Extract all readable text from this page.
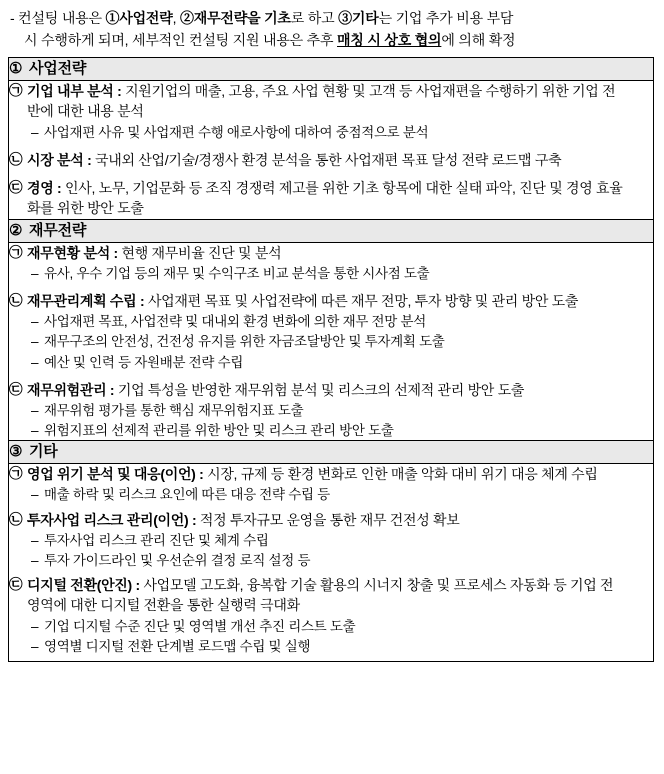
- 컨설팅 내용은 ①사업전략, ②재무전략을 기초로 하고 ③기타는 기업 추가 비용 부담
시 수행하게 되며, 세부적인 컨설팅 지원 내용은 추후 매칭 시 상호 협의에 의해 확정
① 사업전략

㉠ 기업 내부 분석 : 지원기업의 매출, 고용, 주요 사업 현황 및 고객 등 사업재편을 수행하기 위한 기업 전반에 대한 내용 분석
– 사업재편 사유 및 사업재편 수행 애로사항에 대하여 중점적으로 분석
㉡ 시장 분석 : 국내외 산업/기술/경쟁사 환경 분석을 통한 사업재편 목표 달성 전략 로드맵 구축
㉢ 경영 : 인사, 노무, 기업문화 등 조직 경쟁력 제고를 위한 기초 항목에 대한 실태 파악, 진단 및 경영 효율화를 위한 방안 도출

② 재무전략

㉠ 재무현황 분석 : 현행 재무비율 진단 및 분석
– 유사, 우수 기업 등의 재무 및 수익구조 비교 분석을 통한 시사점 도출
㉡ 재무관리계획 수립 : 사업재편 목표 및 사업전략에 따른 재무 전망, 투자 방향 및 관리 방안 도출
– 사업재편 목표, 사업전략 및 대내외 환경 변화에 의한 재무 전망 분석
– 재무구조의 안전성, 건전성 유지를 위한 자금조달방안 및 투자계획 도출
– 예산 및 인력 등 자원배분 전략 수립
㉢ 재무위험관리 : 기업 특성을 반영한 재무위험 분석 및 리스크의 선제적 관리 방안 도출
– 재무위험 평가를 통한 핵심 재무위험지표 도출
– 위험지표의 선제적 관리를 위한 방안 및 리스크 관리 방안 도출

③ 기타

㉠ 영업 위기 분석 및 대응(이언) : 시장, 규제 등 환경 변화로 인한 매출 악화 대비 위기 대응 체계 수립
– 매출 하락 및 리스크 요인에 따른 대응 전략 수립 등
㉡ 투자사업 리스크 관리(이언) : 적정 투자규모 운영을 통한 재무 건전성 확보
– 투자사업 리스크 관리 진단 및 체계 수립
– 투자 가이드라인 및 우선순위 결정 로직 설정 등
㉢ 디지털 전환(안진) : 사업모델 고도화, 융복합 기술 활용의 시너지 창출 및 프로세스 자동화 등 기업 전 영역에 대한 디지털 전환을 통한 실행력 극대화
– 기업 디지털 수준 진단 및 영역별 개선 추진 리스트 도출
– 영역별 디지털 전환 단계별 로드맵 수립 및 실행
